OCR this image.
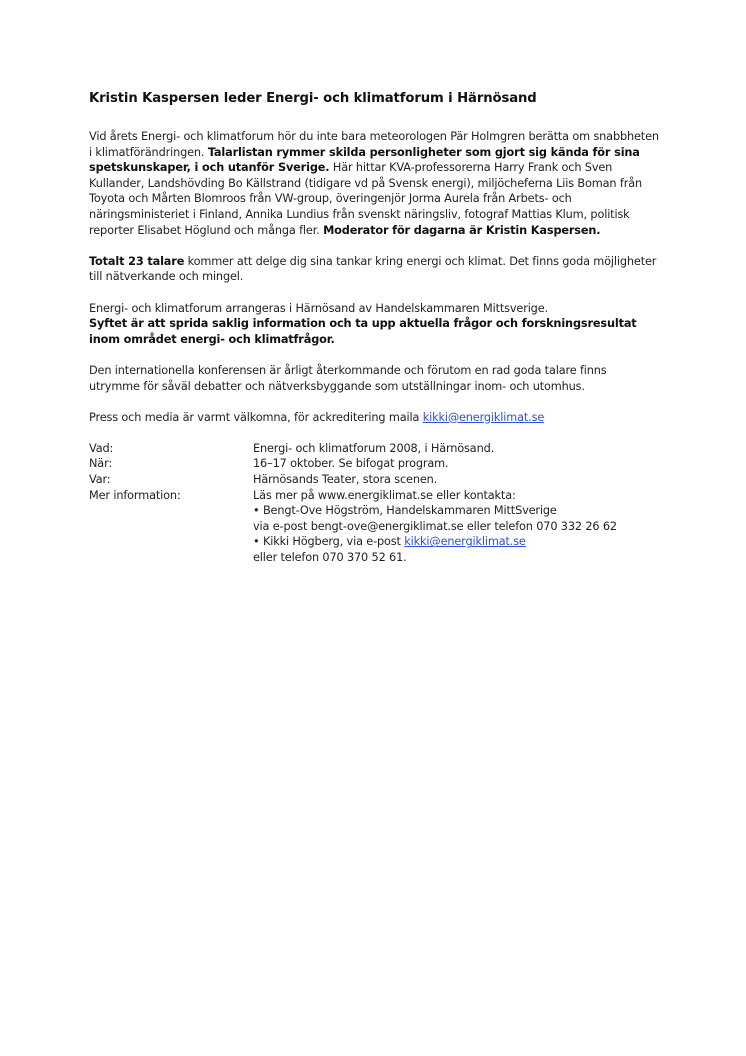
Kristin Kaspersen leder Energi- och klimatforum i Härnösand

Vid årets Energi- och klimatforum hör du inte bara meteorologen Pär Holmgren berätta om snabbheten i klimatförändringen. Talarlistan rymmer skilda personligheter som gjort sig kända för sina spetskunskaper, i och utanför Sverige. Här hittar KVA-professorerna Harry Frank och Sven Kullander, Landshövding Bo Källstrand (tidigare vd på Svensk energi), miljöcheferna Liis Boman från Toyota och Mårten Blomroos från VW-group, överingenjör Jorma Aurela från Arbets- och näringsministeriet i Finland, Annika Lundius från svenskt näringsliv, fotograf Mattias Klum, politisk reporter Elisabet Höglund och många fler. Moderator för dagarna är Kristin Kaspersen.

Totalt 23 talare kommer att delge dig sina tankar kring energi och klimat. Det finns goda möjligheter till nätverkande och mingel.

Energi- och klimatforum arrangeras i Härnösand av Handelskammaren Mittsverige.
Syftet är att sprida saklig information och ta upp aktuella frågor och forskningsresultat inom området energi- och klimatfrågor.

Den internationella konferensen är årligt återkommande och förutom en rad goda talare finns utrymme för såväl debatter och nätverksbyggande som utställningar inom- och utomhus.

Press och media är varmt välkomna, för ackreditering maila kikki@energiklimat.se

Vad:	Energi- och klimatforum 2008, i Härnösand.
När:	16–17 oktober. Se bifogat program.
Var:	Härnösands Teater, stora scenen.
Mer information:	Läs mer på www.energiklimat.se eller kontakta:
• Bengt-Ove Högström, Handelskammaren MittSverige
via e-post bengt-ove@energiklimat.se eller telefon 070 332 26 62
• Kikki Högberg, via e-post kikki@energiklimat.se
eller telefon 070 370 52 61.
